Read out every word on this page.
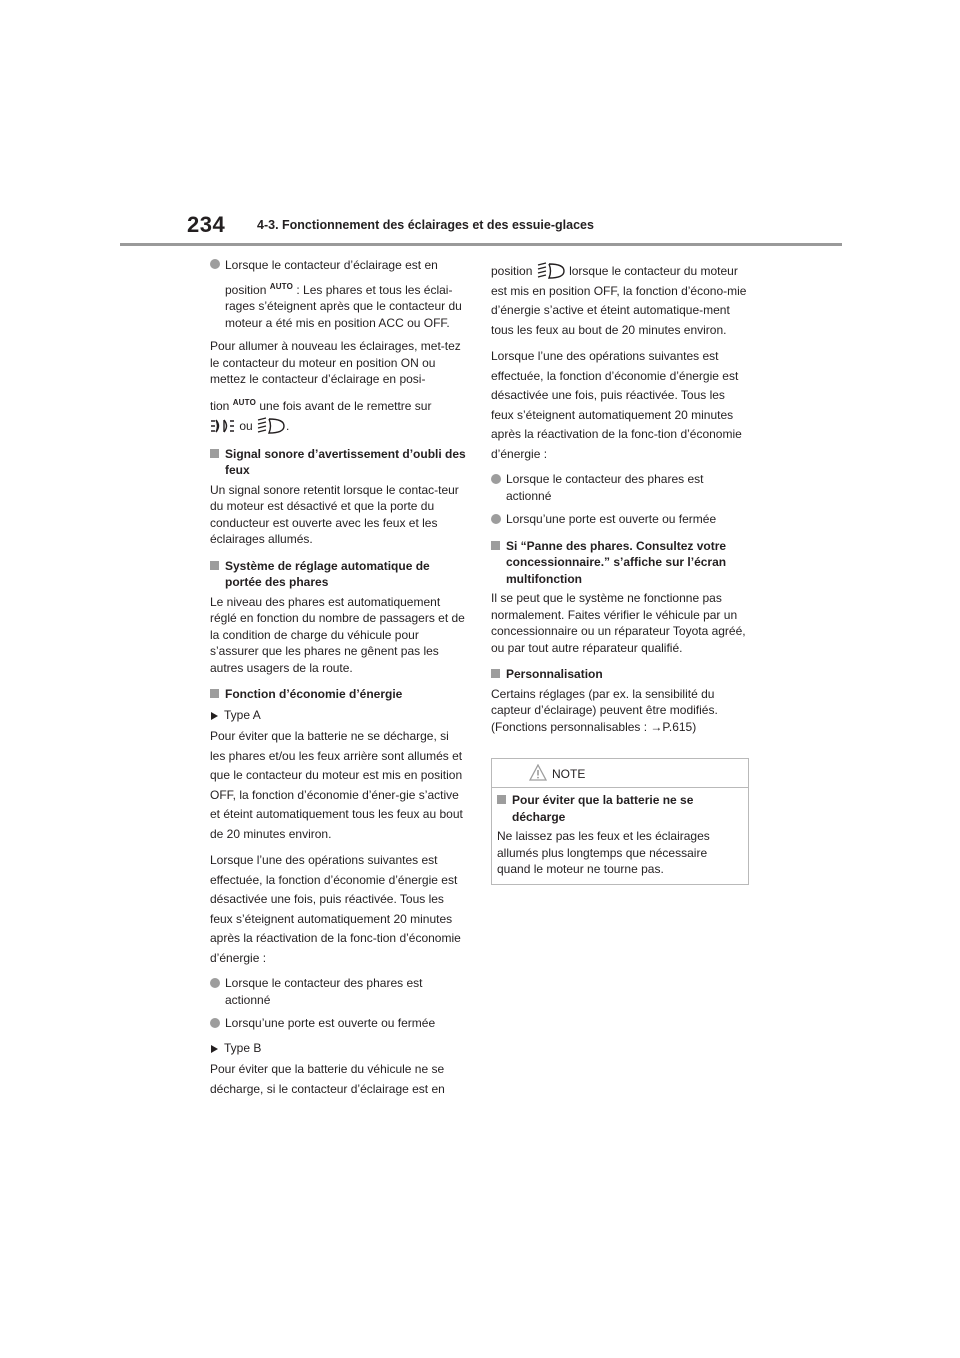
234	4-3. Fonctionnement des éclairages et des essuie-glaces
Lorsque le contacteur d’éclairage est en
position $^{AUTO}$ : Les phares et tous les éclai-rages s’éteignent après que le contacteur du moteur a été mis en position ACC ou OFF.

Pour allumer à nouveau les éclairages, met-tez le contacteur du moteur en position ON ou mettez le contacteur d’éclairage en posi-

tion $^{AUTO}$ une fois avant de le remettre sur

ou	.

Signal sonore d’avertissement d’oubli des feux

Un signal sonore retentit lorsque le contac-teur du moteur est désactivé et que la porte du conducteur est ouverte avec les feux et les éclairages allumés.

Système de réglage automatique de portée des phares

Le niveau des phares est automatiquement réglé en fonction du nombre de passagers et de la condition de charge du véhicule pour s’assurer que les phares ne gênent pas les autres usagers de la route.

Fonction d’économie d’énergie
Type A

Pour éviter que la batterie ne se décharge, si les phares et/ou les feux arrière sont allumés et que le contacteur du moteur est mis en position OFF, la fonction d’économie d’éner-gie s’active et éteint automatiquement tous les feux au bout de 20 minutes environ.

Lorsque l’une des opérations suivantes est effectuée, la fonction d’économie d’énergie est désactivée une fois, puis réactivée. Tous les feux s’éteignent automatiquement 20 minutes après la réactivation de la fonc-tion d’économie d’énergie :

Lorsque le contacteur des phares est actionné
Lorsqu’une porte est ouverte ou fermée
Type B

Pour éviter que la batterie du véhicule ne se décharge, si le contacteur d’éclairage est en

position	lorsque le contacteur du moteur est mis en position OFF, la fonction d’écono-mie d’énergie s’active et éteint automatique-ment tous les feux au bout de 20 minutes environ.

Lorsque l’une des opérations suivantes est effectuée, la fonction d’économie d’énergie est désactivée une fois, puis réactivée. Tous les feux s’éteignent automatiquement 20 minutes après la réactivation de la fonc-tion d’économie d’énergie :

Lorsque le contacteur des phares est actionné
Lorsqu’une porte est ouverte ou fermée
Si “Panne des phares. Consultez votre concessionnaire.” s’affiche sur l’écran multifonction

Il se peut que le système ne fonctionne pas normalement. Faites vérifier le véhicule par un concessionnaire ou un réparateur Toyota agréé, ou par tout autre réparateur qualifié.

Personnalisation

Certains réglages (par ex. la sensibilité du capteur d’éclairage) peuvent être modifiés. (Fonctions personnalisables : →P.615)

NOTE
Pour éviter que la batterie ne se décharge

Ne laissez pas les feux et les éclairages allumés plus longtemps que nécessaire quand le moteur ne tourne pas.
